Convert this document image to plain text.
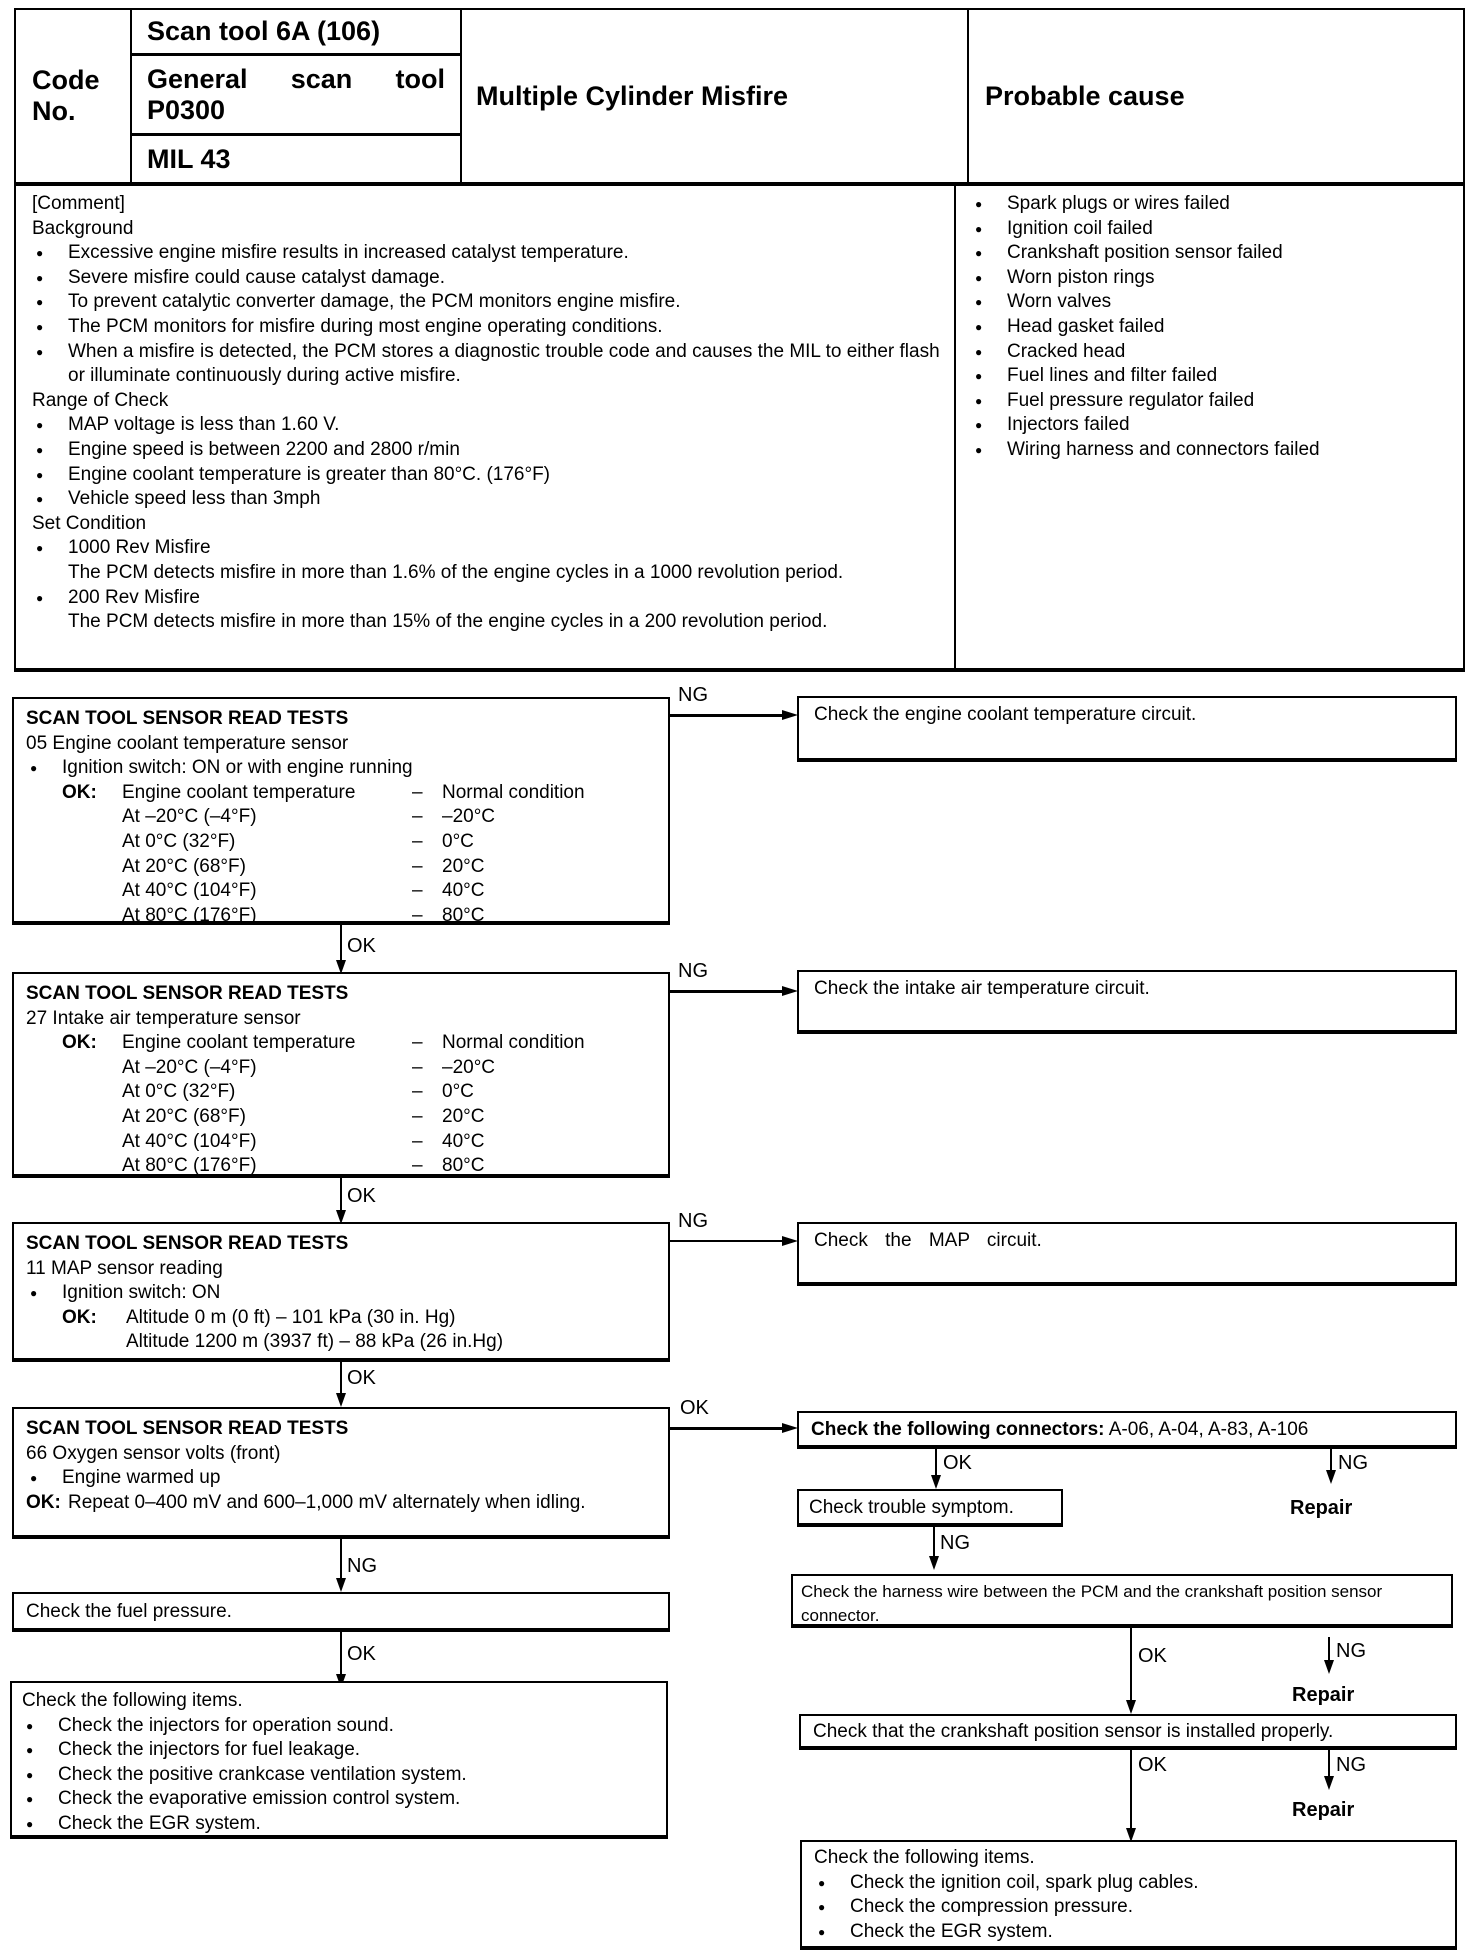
Code No.
Scan tool 6A (106)
General scan tool P0300
MIL 43
Multiple Cylinder Misfire	Probable cause
[Comment]
Background
● Excessive engine misfire results in increased catalyst temperature.
● Severe misfire could cause catalyst damage.
● To prevent catalytic converter damage, the PCM monitors engine misfire.
● The PCM monitors for misfire during most engine operating conditions.
● When a misfire is detected, the PCM stores a diagnostic trouble code and causes the MIL to either flash or illuminate continuously during active misfire.
Range of Check
● MAP voltage is less than 1.60 V.
● Engine speed is between 2200 and 2800 r/min
● Engine coolant temperature is greater than 80°C. (176°F)
● Vehicle speed less than 3mph
Set Condition
● 1000 Rev Misfire
The PCM detects misfire in more than 1.6% of the engine cycles in a 1000 revolution period.
● 200 Rev Misfire
The PCM detects misfire in more than 15% of the engine cycles in a 200 revolution period.
● Spark plugs or wires failed
● Ignition coil failed
● Crankshaft position sensor failed
● Worn piston rings
● Worn valves
● Head gasket failed
● Cracked head
● Fuel lines and filter failed
● Fuel pressure regulator failed
● Injectors failed
● Wiring harness and connectors failed
SCAN TOOL SENSOR READ TESTS
05 Engine coolant temperature sensor
● Ignition switch: ON or with engine running
OK:	Engine coolant temperature	–	Normal condition
At –20°C (–4°F)	–	–20°C
At 0°C (32°F)	–	0°C
At 20°C (68°F)	–	20°C
At 40°C (104°F)	–	40°C
At 80°C (176°F)	–	80°C
NG
Check the engine coolant temperature circuit.
OK
SCAN TOOL SENSOR READ TESTS
27 Intake air temperature sensor
OK:	Engine coolant temperature	–	Normal condition
At –20°C (–4°F)	–	–20°C
At 0°C (32°F)	–	0°C
At 20°C (68°F)	–	20°C
At 40°C (104°F)	–	40°C
At 80°C (176°F)	–	80°C
NG
Check the intake air temperature circuit.
OK
SCAN TOOL SENSOR READ TESTS
11 MAP sensor reading
● Ignition switch: ON
OK:	Altitude 0 m (0 ft) – 101 kPa (30 in. Hg)
Altitude 1200 m (3937 ft) – 88 kPa (26 in.Hg)
NG
Check the MAP circuit.
OK
SCAN TOOL SENSOR READ TESTS
66 Oxygen sensor volts (front)
● Engine warmed up
OK: Repeat 0–400 mV and 600–1,000 mV alternately when idling.
OK
NG
Check the fuel pressure.
OK
Check the following items.
● Check the injectors for operation sound.
● Check the injectors for fuel leakage.
● Check the positive crankcase ventilation system.
● Check the evaporative emission control system.
● Check the EGR system.
Check the following connectors: A-06, A-04, A-83, A-106
OK	NG
Repair
Check trouble symptom.
NG
Check the harness wire between the PCM and the crankshaft position sensor connector.
OK	NG
Repair
Check that the crankshaft position sensor is installed properly.
OK	NG
Repair
Check the following items.
● Check the ignition coil, spark plug cables.
● Check the compression pressure.
● Check the EGR system.
